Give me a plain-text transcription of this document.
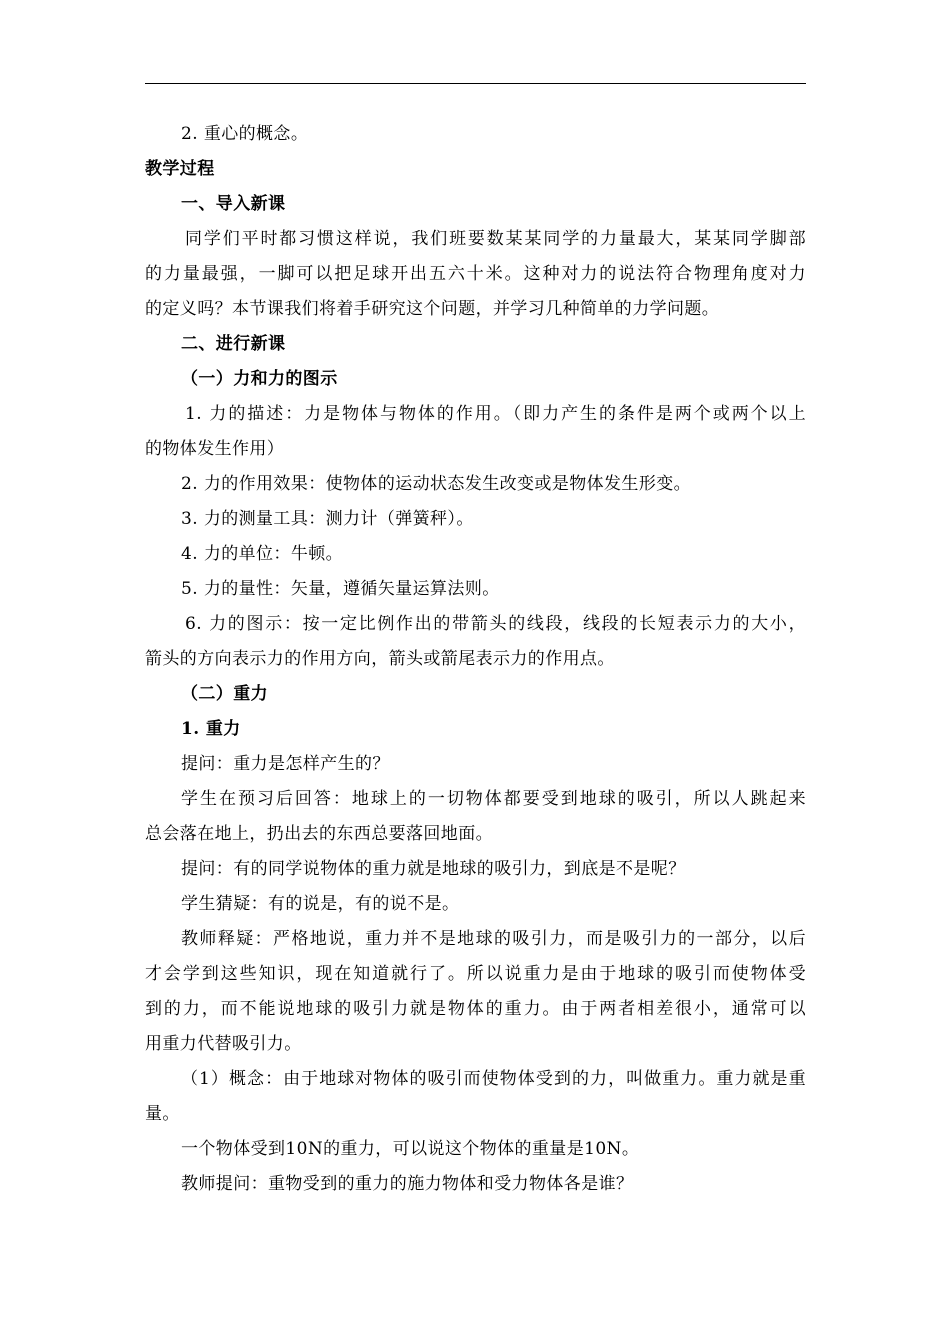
2. 重心的概念。
教学过程
一、导入新课
同学们平时都习惯这样说，我们班要数某某同学的力量最大，某某同学脚部
的力量最强，一脚可以把足球开出五六十米。这种对力的说法符合物理角度对力
的定义吗？本节课我们将着手研究这个问题，并学习几种简单的力学问题。
二、进行新课
（一）力和力的图示
1. 力的描述：力是物体与物体的作用。（即力产生的条件是两个或两个以上
的物体发生作用）
2. 力的作用效果：使物体的运动状态发生改变或是物体发生形变。
3. 力的测量工具：测力计（弹簧秤）。
4. 力的单位：牛顿。
5. 力的量性：矢量，遵循矢量运算法则。
6. 力的图示：按一定比例作出的带箭头的线段，线段的长短表示力的大小，
箭头的方向表示力的作用方向，箭头或箭尾表示力的作用点。
（二）重力
1. 重力
提问：重力是怎样产生的？
学生在预习后回答：地球上的一切物体都要受到地球的吸引，所以人跳起来
总会落在地上，扔出去的东西总要落回地面。
提问：有的同学说物体的重力就是地球的吸引力，到底是不是呢？
学生猜疑：有的说是，有的说不是。
教师释疑：严格地说，重力并不是地球的吸引力，而是吸引力的一部分，以后
才会学到这些知识，现在知道就行了。所以说重力是由于地球的吸引而使物体受
到的力，而不能说地球的吸引力就是物体的重力。由于两者相差很小，通常可以
用重力代替吸引力。
（1）概念：由于地球对物体的吸引而使物体受到的力，叫做重力。重力就是重
量。
一个物体受到10N的重力，可以说这个物体的重量是10N。
教师提问：重物受到的重力的施力物体和受力物体各是谁？
